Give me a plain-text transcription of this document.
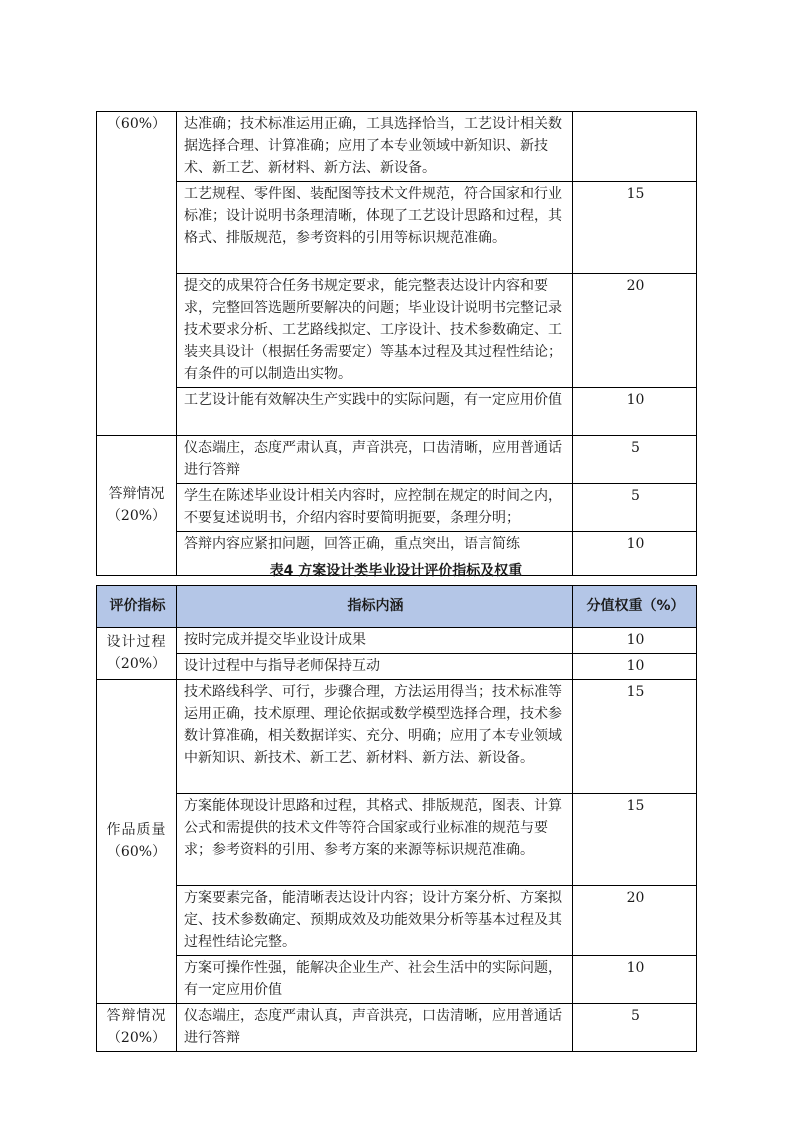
（60%）	达准确；技术标准运用正确，工具选择恰当，工艺设计相关数据选择合理、计算准确；应用了本专业领域中新知识、新技术、新工艺、新材料、新方法、新设备。	
	工艺规程、零件图、装配图等技术文件规范，符合国家和行业标准；设计说明书条理清晰，体现了工艺设计思路和过程，其格式、排版规范，参考资料的引用等标识规范准确。	15
	提交的成果符合任务书规定要求，能完整表达设计内容和要求，完整回答选题所要解决的问题；毕业设计说明书完整记录技术要求分析、工艺路线拟定、工序设计、技术参数确定、工装夹具设计（根据任务需要定）等基本过程及其过程性结论；有条件的可以制造出实物。	20
	工艺设计能有效解决生产实践中的实际问题，有一定应用价值	10

答辩情况
（20%）	仪态端庄，态度严肃认真，声音洪亮，口齿清晰，应用普通话进行答辩	5
	学生在陈述毕业设计相关内容时，应控制在规定的时间之内，不要复述说明书，介绍内容时要简明扼要，条理分明；	5
	答辩内容应紧扣问题，回答正确，重点突出，语言简练	10
表4 方案设计类毕业设计评价指标及权重
评价指标	指标内涵	分值权重（%）

设计过程
（20%）	按时完成并提交毕业设计成果	10
	设计过程中与指导老师保持互动	10

作品质量
（60%）	技术路线科学、可行，步骤合理，方法运用得当；技术标准等运用正确，技术原理、理论依据或数学模型选择合理，技术参数计算准确，相关数据详实、充分、明确；应用了本专业领域中新知识、新技术、新工艺、新材料、新方法、新设备。	15
	方案能体现设计思路和过程，其格式、排版规范，图表、计算公式和需提供的技术文件等符合国家或行业标准的规范与要求；参考资料的引用、参考方案的来源等标识规范准确。	15
	方案要素完备，能清晰表达设计内容；设计方案分析、方案拟定、技术参数确定、预期成效及功能效果分析等基本过程及其过程性结论完整。	20
	方案可操作性强，能解决企业生产、社会生活中的实际问题，有一定应用价值	10

答辩情况
（20%）	仪态端庄，态度严肃认真，声音洪亮，口齿清晰，应用普通话进行答辩	5
